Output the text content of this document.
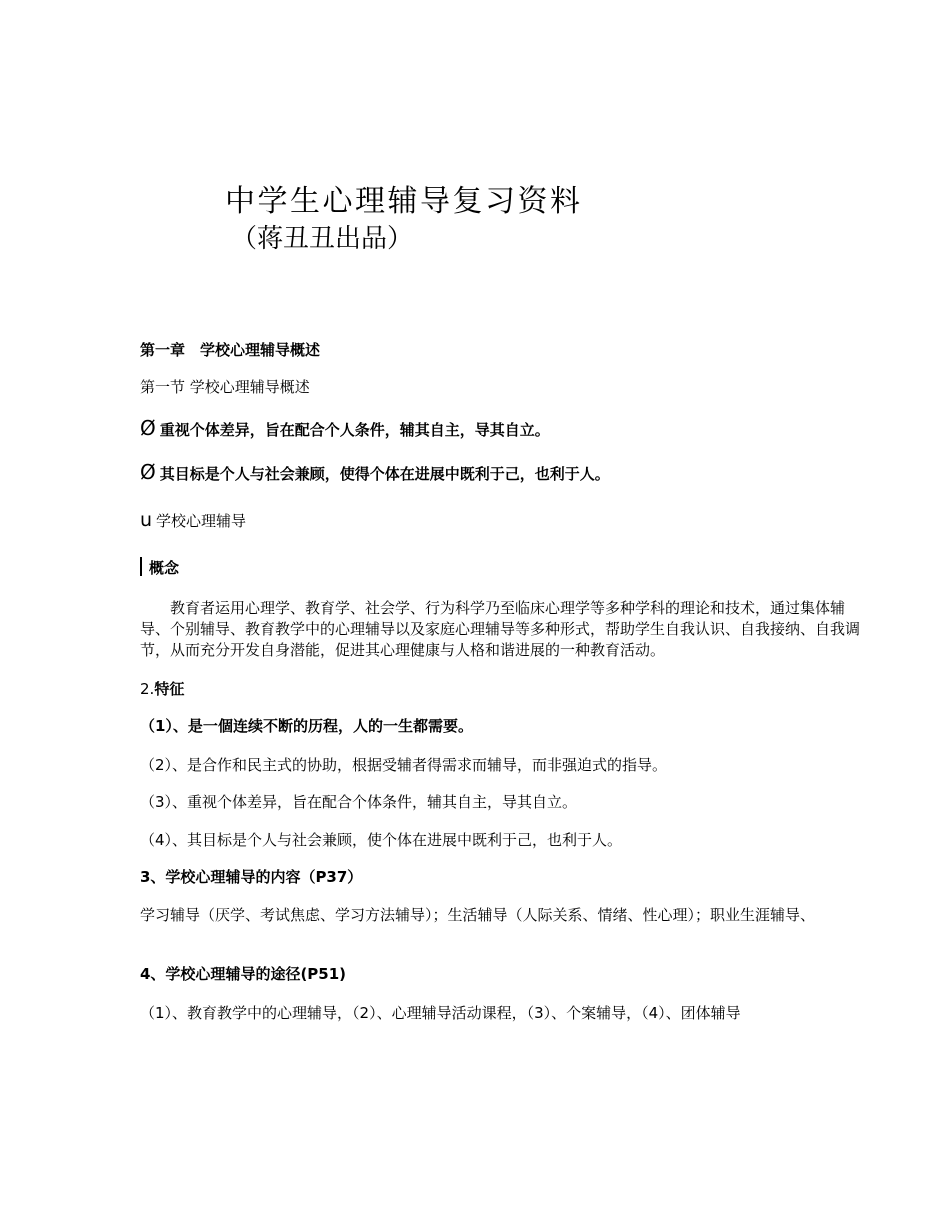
中学生心理辅导复习资料
（蒋丑丑出品）
第一章　学校心理辅导概述
第一节 学校心理辅导概述
Ø 重视个体差异，旨在配合个人条件，辅其自主，导其自立。
Ø 其目标是个人与社会兼顾，使得个体在进展中既利于己，也利于人。
u 学校心理辅导
概念
教育者运用心理学、教育学、社会学、行为科学乃至临床心理学等多种学科的理论和技术，通过集体辅导、个别辅导、教育教学中的心理辅导以及家庭心理辅导等多种形式，帮助学生自我认识、自我接纳、自我调节，从而充分开发自身潜能，促进其心理健康与人格和谐进展的一种教育活动。
2.特征
（1）、是一個连续不断的历程，人的一生都需要。
（2）、是合作和民主式的协助，根据受辅者得需求而辅导，而非强迫式的指导。
（3）、重视个体差异，旨在配合个体条件，辅其自主，导其自立。
（4）、其目标是个人与社会兼顾，使个体在进展中既利于己，也利于人。
3、学校心理辅导的内容（P37）
学习辅导（厌学、考试焦虑、学习方法辅导）；生活辅导（人际关系、情绪、性心理）；职业生涯辅导、
4、学校心理辅导的途径(P51)
（1）、教育教学中的心理辅导，（2）、心理辅导活动课程，（3）、个案辅导，（4）、团体辅导
